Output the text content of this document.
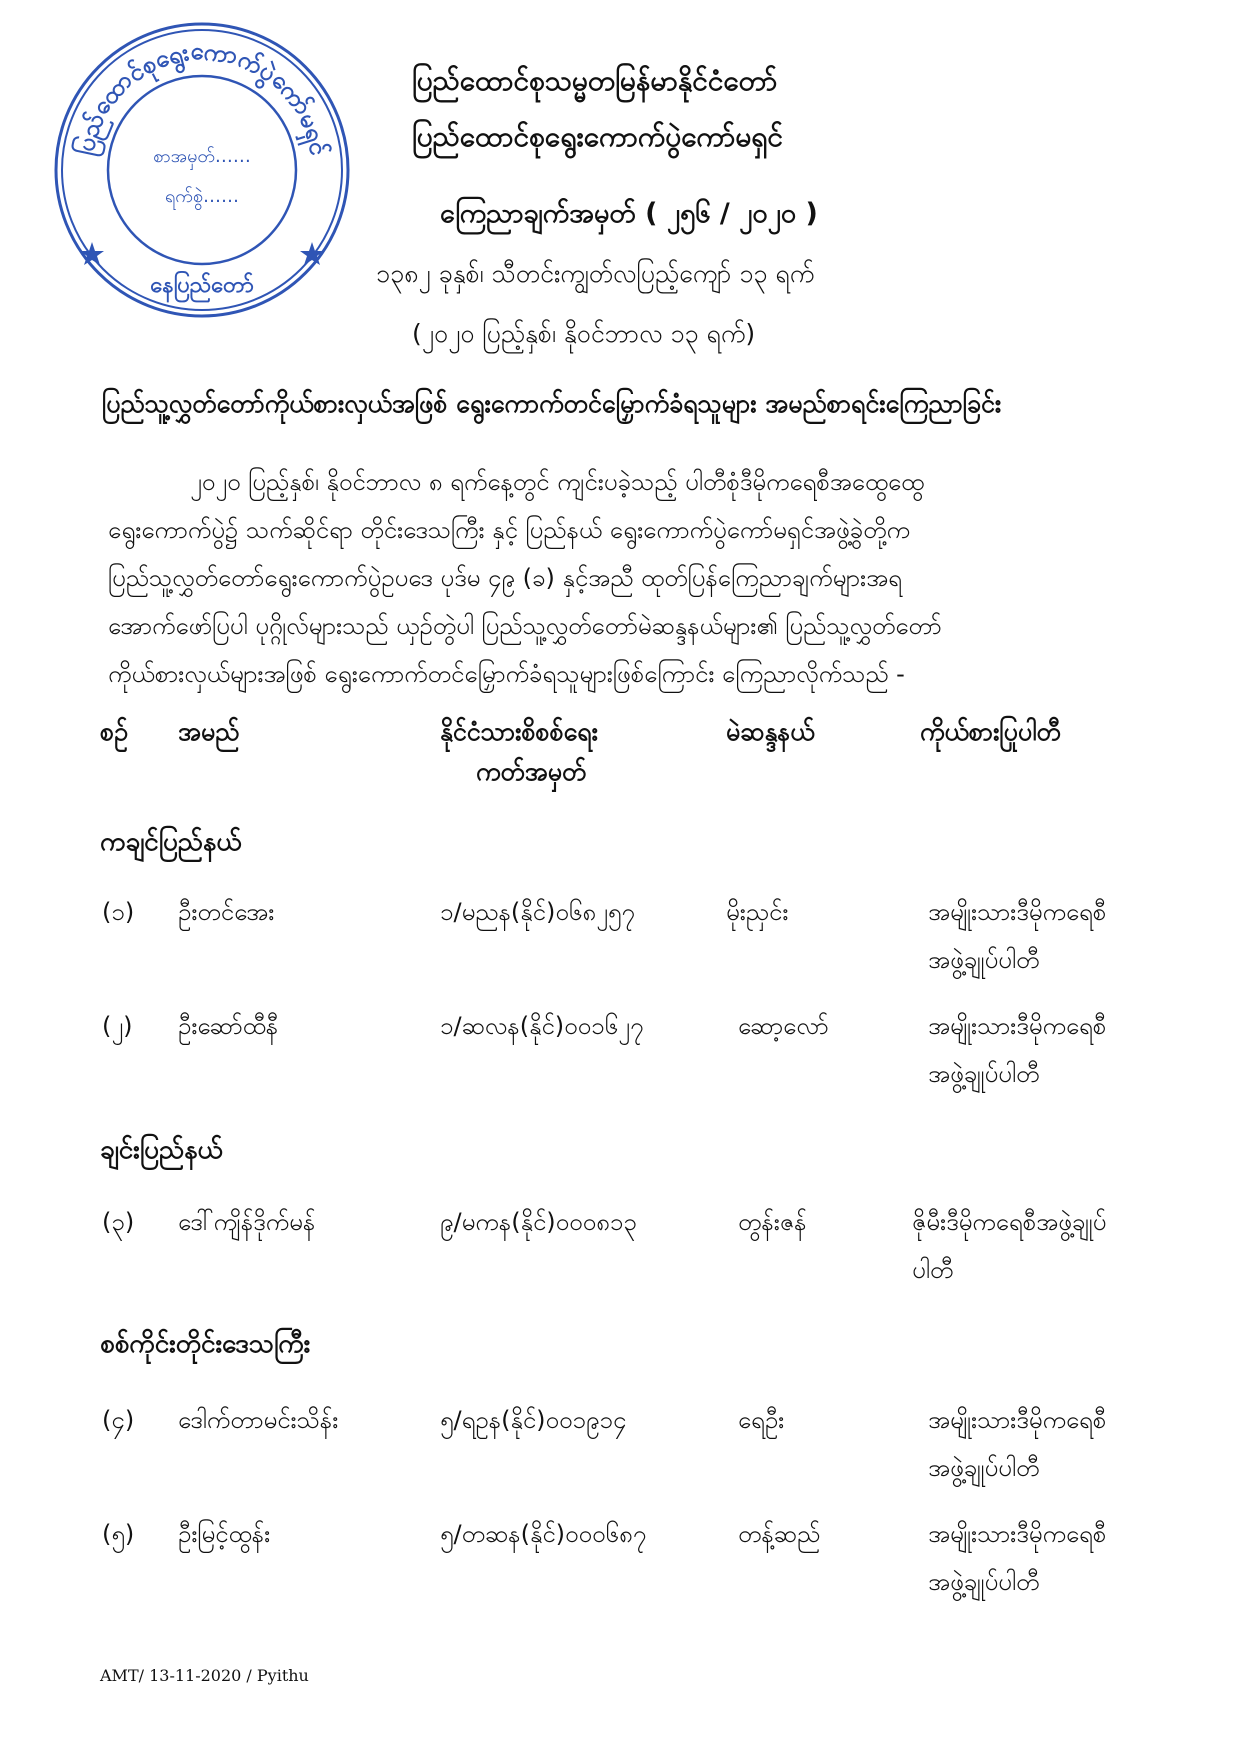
ပြည်ထောင်စုရွေးကောက်ပွဲကော်မရှင်
စာအမှတ်……
ရက်စွဲ……
နေပြည်တော်
ပြည်ထောင်စုသမ္မတမြန်မာနိုင်ငံတော်
ပြည်ထောင်စုရွေးကောက်ပွဲကော်မရှင်
ကြေညာချက်အမှတ် ( ၂၅၆ / ၂၀၂၀ )
၁၃၈၂ ခုနှစ်၊ သီတင်းကျွတ်လပြည့်ကျော် ၁၃ ရက်
(၂၀၂၀ ပြည့်နှစ်၊ နိုဝင်ဘာလ ၁၃ ရက်)
ပြည်သူ့လွှတ်တော်ကိုယ်စားလှယ်အဖြစ် ရွေးကောက်တင်မြှောက်ခံရသူများ အမည်စာရင်းကြေညာခြင်း
၂၀၂၀ ပြည့်နှစ်၊ နိုဝင်ဘာလ ၈ ရက်နေ့တွင် ကျင်းပခဲ့သည့် ပါတီစုံဒီမိုကရေစီအထွေထွေ
ရွေးကောက်ပွဲ၌ သက်ဆိုင်ရာ တိုင်းဒေသကြီး နှင့် ပြည်နယ် ရွေးကောက်ပွဲကော်မရှင်အဖွဲ့ခွဲတို့က
ပြည်သူ့လွှတ်တော်ရွေးကောက်ပွဲဥပဒေ ပုဒ်မ ၄၉ (ခ) နှင့်အညီ ထုတ်ပြန်ကြေညာချက်များအရ
အောက်ဖော်ပြပါ ပုဂ္ဂိုလ်များသည် ယှဉ်တွဲပါ ပြည်သူ့လွှတ်တော်မဲဆန္ဒနယ်များ၏ ပြည်သူ့လွှတ်တော်
ကိုယ်စားလှယ်များအဖြစ် ရွေးကောက်တင်မြှောက်ခံရသူများဖြစ်ကြောင်း ကြေညာလိုက်သည် -
စဉ် အမည်	နိုင်ငံသားစိစစ်ရေး
ကတ်အမှတ်
မဲဆန္ဒနယ်	ကိုယ်စားပြုပါတီ
ကချင်ပြည်နယ်
(၁) ဦးတင်အေး	၁/မညန(နိုင်)၀၆၈၂၅၇	မိုးညှင်း	အမျိုးသားဒီမိုကရေစီ
အဖွဲ့ချုပ်ပါတီ
(၂) ဦးဆော်ထီနီ	၁/ဆလန(နိုင်)၀၀၁၆၂၇	ဆော့လော်	အမျိုးသားဒီမိုကရေစီ
အဖွဲ့ချုပ်ပါတီ
ချင်းပြည်နယ်
(၃) ဒေါ်ကျိန်ဒိုက်မန်	၉/မကန(နိုင်)၀၀၀၈၁၃	တွန်းဇန်	ဇိုမီးဒီမိုကရေစီအဖွဲ့ချုပ်
ပါတီ
စစ်ကိုင်းတိုင်းဒေသကြီး
(၄) ဒေါက်တာမင်းသိန်း	၅/ရဥန(နိုင်)၀၀၁၉၁၄	ရေဦး	အမျိုးသားဒီမိုကရေစီ
အဖွဲ့ချုပ်ပါတီ
(၅) ဦးမြင့်ထွန်း	၅/တဆန(နိုင်)၀၀၀၆၈၇	တန့်ဆည်	အမျိုးသားဒီမိုကရေစီ
အဖွဲ့ချုပ်ပါတီ
AMT/ 13-11-2020 / Pyithu
